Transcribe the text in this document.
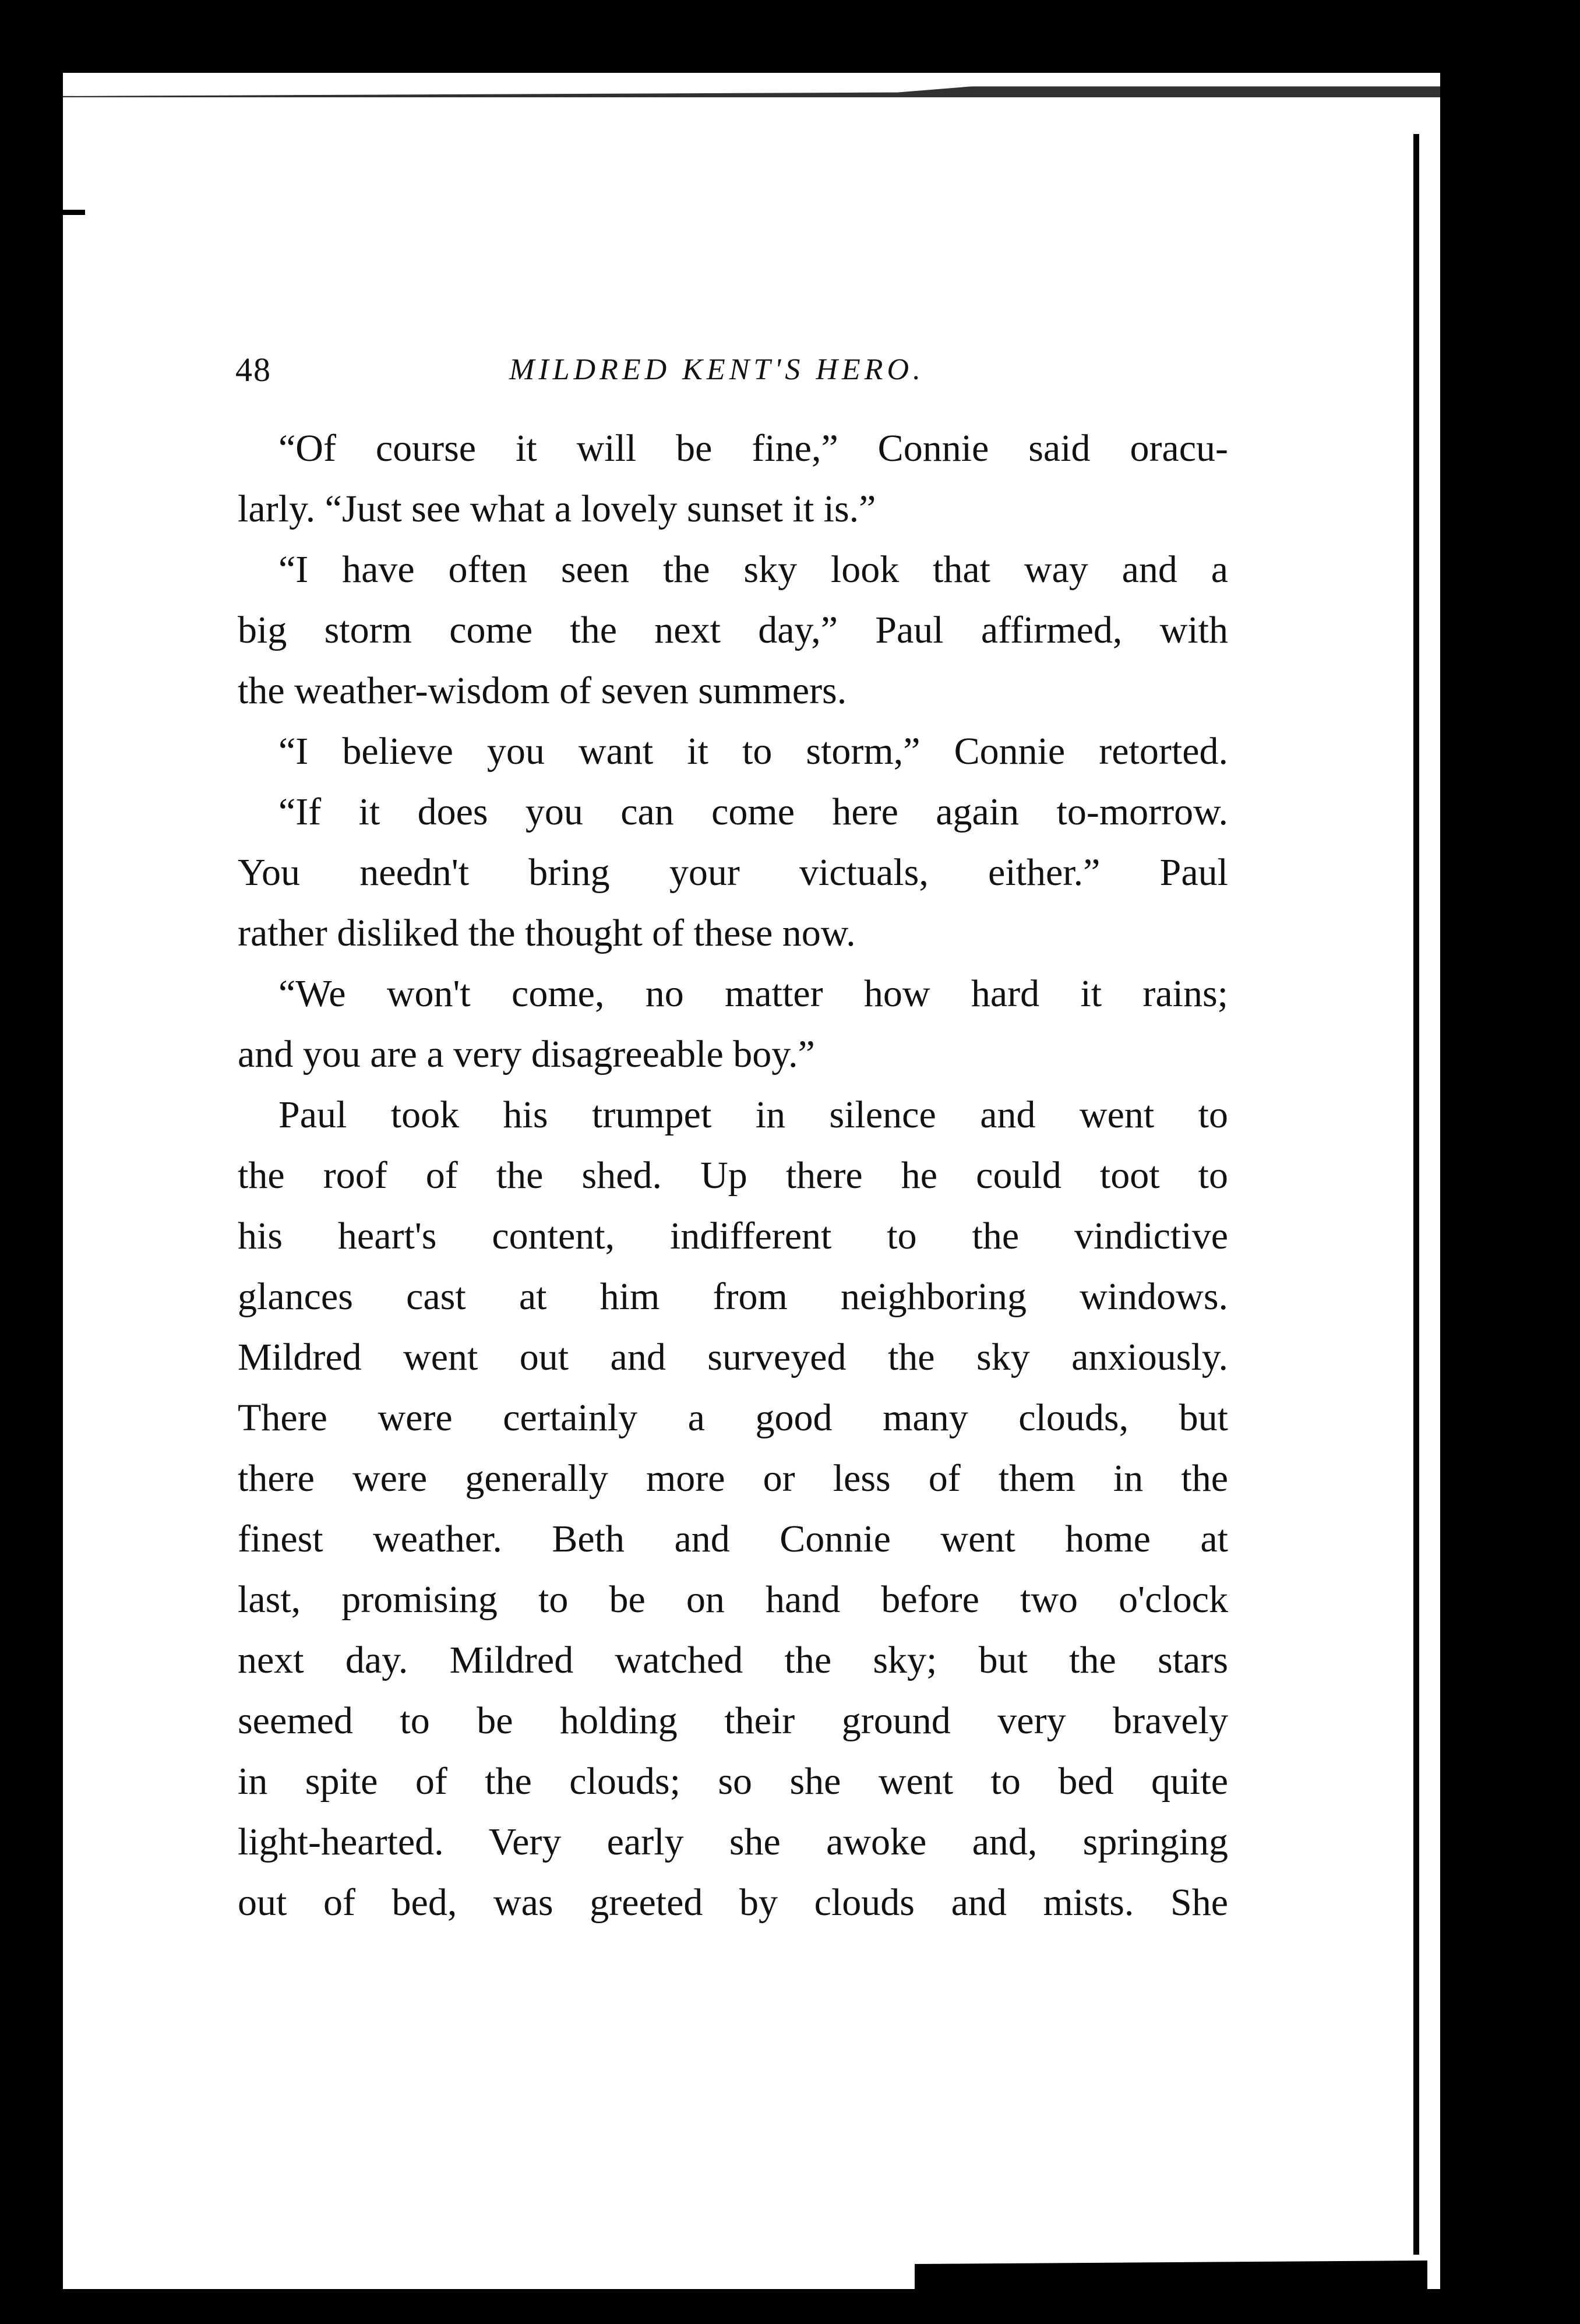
48	MILDRED KENT'S HERO.
“Of course it will be fine,” Connie said oracu-
larly. “Just see what a lovely sunset it is.”
“I have often seen the sky look that way and a
big storm come the next day,” Paul affirmed, with
the weather-wisdom of seven summers.
“I believe you want it to storm,” Connie retorted.
“If it does you can come here again to-morrow.
You needn't bring your victuals, either.” Paul
rather disliked the thought of these now.
“We won't come, no matter how hard it rains;
and you are a very disagreeable boy.”
Paul took his trumpet in silence and went to
the roof of the shed. Up there he could toot to
his heart's content, indifferent to the vindictive
glances cast at him from neighboring windows.
Mildred went out and surveyed the sky anxiously.
There were certainly a good many clouds, but
there were generally more or less of them in the
finest weather. Beth and Connie went home at
last, promising to be on hand before two o'clock
next day. Mildred watched the sky; but the stars
seemed to be holding their ground very bravely
in spite of the clouds; so she went to bed quite
light-hearted. Very early she awoke and, springing
out of bed, was greeted by clouds and mists. She
